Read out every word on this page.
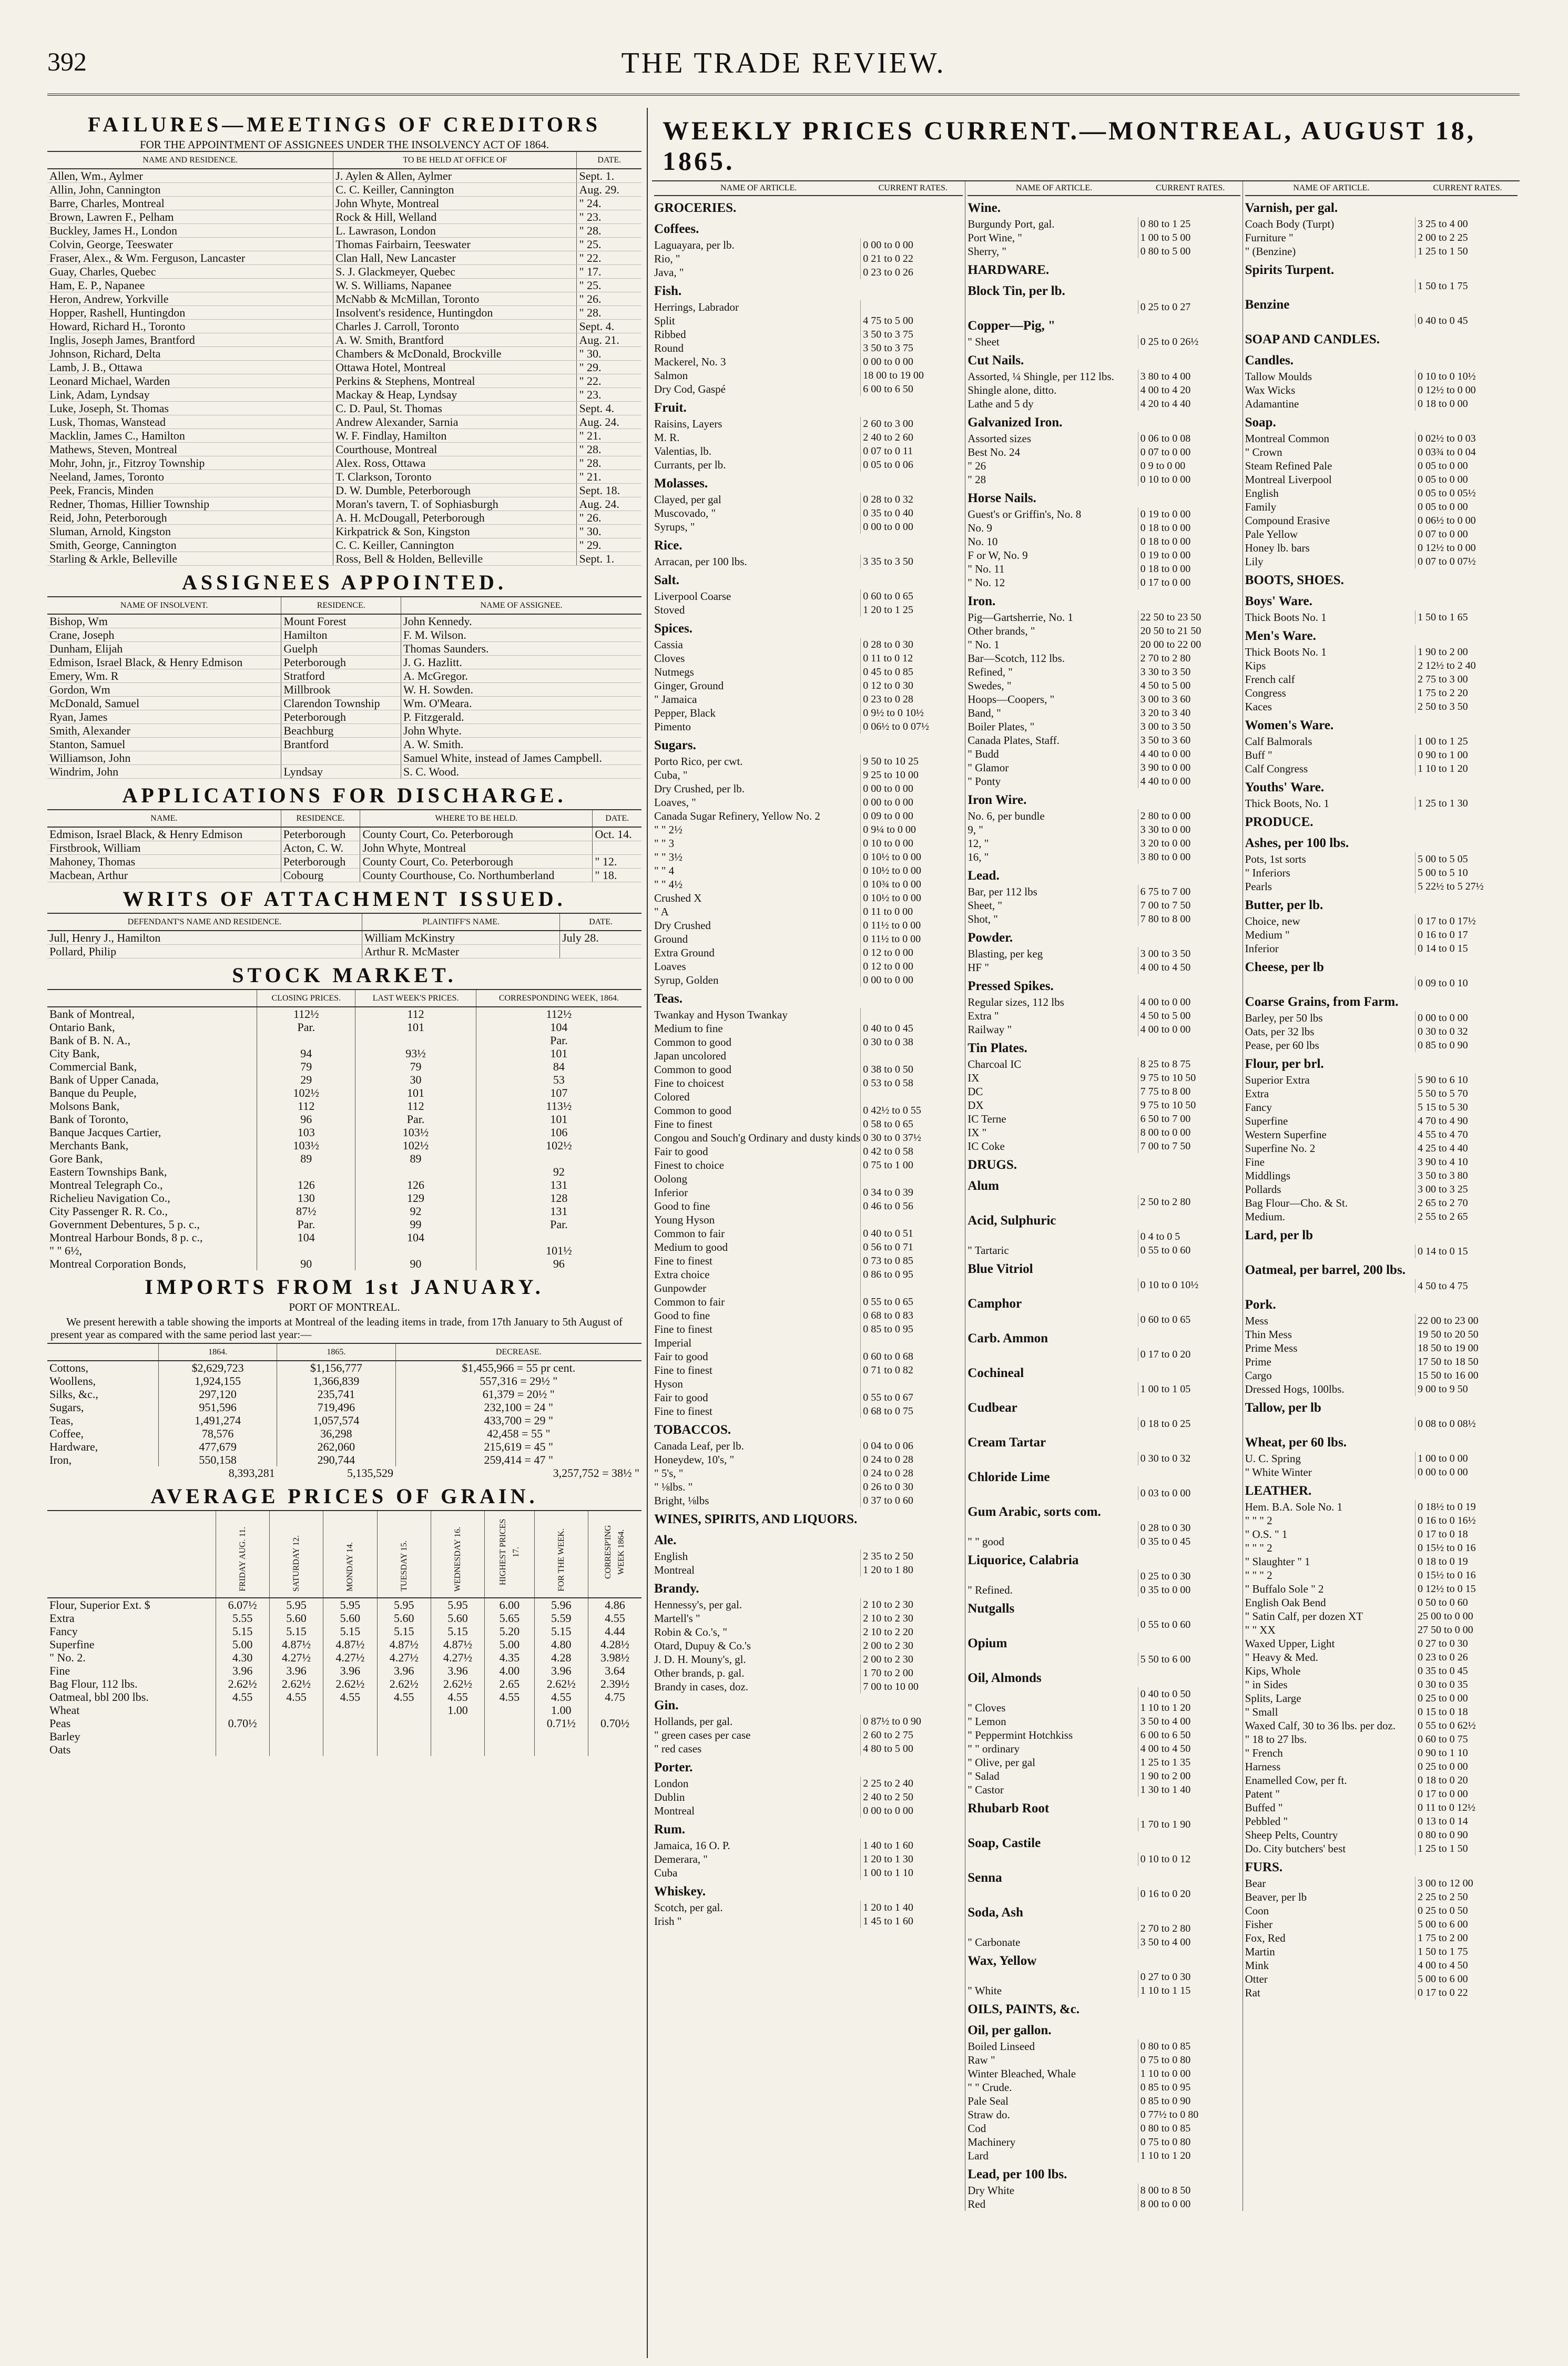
392	THE TRADE REVIEW.
FAILURES—MEETINGS OF CREDITORS

FOR THE APPOINTMENT OF ASSIGNEES UNDER THE INSOLVENCY ACT OF 1864.

NAME AND RESIDENCE.	TO BE HELD AT OFFICE OF	DATE.
Allen, Wm., Aylmer	J. Aylen & Allen, Aylmer	Sept. 1.
Allin, John, Cannington	C. C. Keiller, Cannington	Aug. 29.
Barre, Charles, Montreal	John Whyte, Montreal	" 24.
Brown, Lawren F., Pelham	Rock & Hill, Welland	" 23.
Buckley, James H., London	L. Lawrason, London	" 28.
Colvin, George, Teeswater	Thomas Fairbairn, Teeswater	" 25.
Fraser, Alex., & Wm. Ferguson, Lancaster	Clan Hall, New Lancaster	" 22.
Guay, Charles, Quebec	S. J. Glackmeyer, Quebec	" 17.
Ham, E. P., Napanee	W. S. Williams, Napanee	" 25.
Heron, Andrew, Yorkville	McNabb & McMillan, Toronto	" 26.
Hopper, Rashell, Huntingdon	Insolvent's residence, Huntingdon	" 28.
Howard, Richard H., Toronto	Charles J. Carroll, Toronto	Sept. 4.
Inglis, Joseph James, Brantford	A. W. Smith, Brantford	Aug. 21.
Johnson, Richard, Delta	Chambers & McDonald, Brockville	" 30.
Lamb, J. B., Ottawa	Ottawa Hotel, Montreal	" 29.
Leonard Michael, Warden	Perkins & Stephens, Montreal	" 22.
Link, Adam, Lyndsay	Mackay & Heap, Lyndsay	" 23.
Luke, Joseph, St. Thomas	C. D. Paul, St. Thomas	Sept. 4.
Lusk, Thomas, Wanstead	Andrew Alexander, Sarnia	Aug. 24.
Macklin, James C., Hamilton	W. F. Findlay, Hamilton	" 21.
Mathews, Steven, Montreal	Courthouse, Montreal	" 28.
Mohr, John, jr., Fitzroy Township	Alex. Ross, Ottawa	" 28.
Neeland, James, Toronto	T. Clarkson, Toronto	" 21.
Peek, Francis, Minden	D. W. Dumble, Peterborough	Sept. 18.
Redner, Thomas, Hillier Township	Moran's tavern, T. of Sophiasburgh	Aug. 24.
Reid, John, Peterborough	A. H. McDougall, Peterborough	" 26.
Sluman, Arnold, Kingston	Kirkpatrick & Son, Kingston	" 30.
Smith, George, Cannington	C. C. Keiller, Cannington	" 29.
Starling & Arkle, Belleville	Ross, Bell & Holden, Belleville	Sept. 1.
ASSIGNEES APPOINTED.
NAME OF INSOLVENT.	RESIDENCE.	NAME OF ASSIGNEE.
Bishop, Wm	Mount Forest	John Kennedy.
Crane, Joseph	Hamilton	F. M. Wilson.
Dunham, Elijah	Guelph	Thomas Saunders.
Edmison, Israel Black, & Henry Edmison	Peterborough	J. G. Hazlitt.
Emery, Wm. R	Stratford	A. McGregor.
Gordon, Wm	Millbrook	W. H. Sowden.
McDonald, Samuel	Clarendon Township	Wm. O'Meara.
Ryan, James	Peterborough	P. Fitzgerald.
Smith, Alexander	Beachburg	John Whyte.
Stanton, Samuel	Brantford	A. W. Smith.
Williamson, John		Samuel White, instead of James Campbell.
Windrim, John	Lyndsay	S. C. Wood.
APPLICATIONS FOR DISCHARGE.
NAME.	RESIDENCE.	WHERE TO BE HELD.	DATE.
Edmison, Israel Black, & Henry Edmison	Peterborough	County Court, Co. Peterborough	Oct. 14.
Firstbrook, William	Acton, C. W.	John Whyte, Montreal	
Mahoney, Thomas	Peterborough	County Court, Co. Peterborough	" 12.
Macbean, Arthur	Cobourg	County Courthouse, Co. Northumberland	" 18.
WRITS OF ATTACHMENT ISSUED.
DEFENDANT'S NAME AND RESIDENCE.	PLAINTIFF'S NAME.	DATE.
Jull, Henry J., Hamilton	William McKinstry	July 28.
Pollard, Philip	Arthur R. McMaster	
STOCK MARKET.
	CLOSING PRICES.	LAST WEEK'S PRICES.	CORRESPONDING WEEK, 1864.
Bank of Montreal,	112½	112	112½
Ontario Bank,	Par.	101	104
Bank of B. N. A.,			Par.
City Bank,	94	93½	101
Commercial Bank,	79	79	84
Bank of Upper Canada,	29	30	53
Banque du Peuple,	102½	101	107
Molsons Bank,	112	112	113½
Bank of Toronto,	96	Par.	101
Banque Jacques Cartier,	103	103½	106
Merchants Bank,	103½	102½	102½
Gore Bank,	89	89	
Eastern Townships Bank,			92
Montreal Telegraph Co.,	126	126	131
Richelieu Navigation Co.,	130	129	128
City Passenger R. R. Co.,	87½	92	131
Government Debentures, 5 p. c.,	Par.	99	Par.
Montreal Harbour Bonds, 8 p. c.,	104	104	
" " 6½,			101½
Montreal Corporation Bonds,	90	90	96
IMPORTS FROM 1st JANUARY.

PORT OF MONTREAL.

We present herewith a table showing the imports at Montreal of the leading items in trade, from 17th January to 5th August of present year as compared with the same period last year:—

	1864.	1865.	DECREASE.
Cottons,	$2,629,723	$1,156,777	$1,455,966 = 55 pr cent.
Woollens,	1,924,155	1,366,839	557,316 = 29½ "
Silks, &c.,	297,120	235,741	61,379 = 20½ "
Sugars,	951,596	719,496	232,100 = 24 "
Teas,	1,491,274	1,057,574	433,700 = 29 "
Coffee,	78,576	36,298	42,458 = 55 "
Hardware,	477,679	262,060	215,619 = 45 "
Iron,	550,158	290,744	259,414 = 47 "
	8,393,281	5,135,529	3,257,752 = 38½ "
AVERAGE PRICES OF GRAIN.
	FRIDAY AUG. 11.	SATURDAY 12.	MONDAY 14.	TUESDAY 15.	WEDNESDAY 16.	HIGHEST PRICES 17.	FOR THE WEEK.	CORRESP'ING WEEK 1864.
Flour, Superior Ext. $	6.07½	5.95	5.95	5.95	5.95	6.00	5.96	4.86
Extra	5.55	5.60	5.60	5.60	5.60	5.65	5.59	4.55
Fancy	5.15	5.15	5.15	5.15	5.15	5.20	5.15	4.44
Superfine	5.00	4.87½	4.87½	4.87½	4.87½	5.00	4.80	4.28½
" No. 2.	4.30	4.27½	4.27½	4.27½	4.27½	4.35	4.28	3.98½
Fine	3.96	3.96	3.96	3.96	3.96	4.00	3.96	3.64
Bag Flour, 112 lbs.	2.62½	2.62½	2.62½	2.62½	2.62½	2.65	2.62½	2.39½
Oatmeal, bbl 200 lbs.	4.55	4.55	4.55	4.55	4.55	4.55	4.55	4.75
Wheat					1.00		1.00	
Peas	0.70½						0.71½	0.70½
Barley								
Oats								
WEEKLY PRICES CURRENT.—MONTREAL, AUGUST 18, 1865.
NAME OF ARTICLE.	CURRENT RATES.
GROCERIES.
Coffees.
Laguayara, per lb.	0 00 to 0 00
Rio, "	0 21 to 0 22
Java, "	0 23 to 0 26
Fish.
Herrings, Labrador
Split	4 75 to 5 00
Ribbed	3 50 to 3 75
Round	3 50 to 3 75
Mackerel, No. 3	0 00 to 0 00
Salmon	18 00 to 19 00
Dry Cod, Gaspé	6 00 to 6 50
Fruit.
Raisins, Layers	2 60 to 3 00
M. R.	2 40 to 2 60
Valentias, lb.	0 07 to 0 11
Currants, per lb.	0 05 to 0 06
Molasses.
Clayed, per gal	0 28 to 0 32
Muscovado, "	0 35 to 0 40
Syrups, "	0 00 to 0 00
Rice.
Arracan, per 100 lbs.	3 35 to 3 50
Salt.
Liverpool Coarse	0 60 to 0 65
Stoved	1 20 to 1 25
Spices.
Cassia	0 28 to 0 30
Cloves	0 11 to 0 12
Nutmegs	0 45 to 0 85
Ginger, Ground	0 12 to 0 30
" Jamaica	0 23 to 0 28
Pepper, Black	0 9½ to 0 10½
Pimento	0 06½ to 0 07½
Sugars.
Porto Rico, per cwt.	9 50 to 10 25
Cuba, "	9 25 to 10 00
Dry Crushed, per lb.	0 00 to 0 00
Loaves, "	0 00 to 0 00
Canada Sugar Refinery, Yellow No. 2	0 09 to 0 00
" " 2½	0 9¼ to 0 00
" " 3	0 10 to 0 00
" " 3½	0 10½ to 0 00
" " 4	0 10½ to 0 00
" " 4½	0 10¾ to 0 00
Crushed X	0 10½ to 0 00
" A	0 11 to 0 00
Dry Crushed	0 11½ to 0 00
Ground	0 11½ to 0 00
Extra Ground	0 12 to 0 00
Loaves	0 12 to 0 00
Syrup, Golden	0 00 to 0 00
Teas.
Twankay and Hyson Twankay
Medium to fine	0 40 to 0 45
Common to good	0 30 to 0 38
Japan uncolored
Common to good	0 38 to 0 50
Fine to choicest	0 53 to 0 58
Colored
Common to good	0 42½ to 0 55
Fine to finest	0 58 to 0 65
Congou and Souch'g Ordinary and dusty kinds 0 30 to 0 37½
Fair to good	0 42 to 0 58
Finest to choice	0 75 to 1 00
Oolong
Inferior	0 34 to 0 39
Good to fine	0 46 to 0 56
Young Hyson
Common to fair	0 40 to 0 51
Medium to good	0 56 to 0 71
Fine to finest	0 73 to 0 85
Extra choice	0 86 to 0 95
Gunpowder
Common to fair	0 55 to 0 65
Good to fine	0 68 to 0 83
Fine to finest	0 85 to 0 95
Imperial
Fair to good	0 60 to 0 68
Fine to finest	0 71 to 0 82
Hyson
Fair to good	0 55 to 0 67
Fine to finest	0 68 to 0 75
TOBACCOS.
Canada Leaf, per lb.	0 04 to 0 06
Honeydew, 10's, "	0 24 to 0 28
" 5's, "	0 24 to 0 28
" ⅛lbs. "	0 26 to 0 30
Bright, ⅛lbs	0 37 to 0 60
WINES, SPIRITS, AND LIQUORS.
Ale.
English	2 35 to 2 50
Montreal	1 20 to 1 80
Brandy.
Hennessy's, per gal.	2 10 to 2 30
Martell's "	2 10 to 2 30
Robin & Co.'s, "	2 10 to 2 20
Otard, Dupuy & Co.'s	2 00 to 2 30
J. D. H. Mouny's, gl.	2 00 to 2 30
Other brands, p. gal.	1 70 to 2 00
Brandy in cases, doz.	7 00 to 10 00
Gin.
Hollands, per gal.	0 87½ to 0 90
" green cases per case	2 60 to 2 75
" red cases	4 80 to 5 00
Porter.
London	2 25 to 2 40
Dublin	2 40 to 2 50
Montreal	0 00 to 0 00
Rum.
Jamaica, 16 O. P.	1 40 to 1 60
Demerara, "	1 20 to 1 30
Cuba	1 00 to 1 10
Whiskey.
Scotch, per gal.	1 20 to 1 40
Irish "	1 45 to 1 60
NAME OF ARTICLE.	CURRENT RATES.
Wine.
Burgundy Port, gal.	0 80 to 1 25
Port Wine, "	1 00 to 5 00
Sherry, "	0 80 to 5 00
HARDWARE.
Block Tin, per lb.
0 25 to 0 27
Copper—Pig, "
" Sheet	0 25 to 0 26½
Cut Nails.
Assorted, ¼ Shingle, per 112 lbs.	3 80 to 4 00
Shingle alone, ditto.	4 00 to 4 20
Lathe and 5 dy	4 20 to 4 40
Galvanized Iron.
Assorted sizes	0 06 to 0 08
Best No. 24	0 07 to 0 00
" 26	0 9 to 0 00
" 28	0 10 to 0 00
Horse Nails.
Guest's or Griffin's, No. 8	0 19 to 0 00
No. 9	0 18 to 0 00
No. 10	0 18 to 0 00
F or W, No. 9	0 19 to 0 00
" No. 11	0 18 to 0 00
" No. 12	0 17 to 0 00
Iron.
Pig—Gartsherrie, No. 1	22 50 to 23 50
Other brands, "	20 50 to 21 50
" No. 1	20 00 to 22 00
Bar—Scotch, 112 lbs.	2 70 to 2 80
Refined, "	3 30 to 3 50
Swedes, "	4 50 to 5 00
Hoops—Coopers, "	3 00 to 3 60
Band, "	3 20 to 3 40
Boiler Plates, "	3 00 to 3 50
Canada Plates, Staff.	3 50 to 3 60
" Budd	4 40 to 0 00
" Glamor	3 90 to 0 00
" Ponty	4 40 to 0 00
Iron Wire.
No. 6, per bundle	2 80 to 0 00
9, "	3 30 to 0 00
12, "	3 20 to 0 00
16, "	3 80 to 0 00
Lead.
Bar, per 112 lbs	6 75 to 7 00
Sheet, "	7 00 to 7 50
Shot, "	7 80 to 8 00
Powder.
Blasting, per keg	3 00 to 3 50
HF "	4 00 to 4 50
Pressed Spikes.
Regular sizes, 112 lbs	4 00 to 0 00
Extra "	4 50 to 5 00
Railway "	4 00 to 0 00
Tin Plates.
Charcoal IC	8 25 to 8 75
IX	9 75 to 10 50
DC	7 75 to 8 00
DX	9 75 to 10 50
IC Terne	6 50 to 7 00
IX "	8 00 to 0 00
IC Coke	7 00 to 7 50
DRUGS.
Alum
2 50 to 2 80
Acid, Sulphuric
0 4 to 0 5
" Tartaric	0 55 to 0 60
Blue Vitriol
0 10 to 0 10½
Camphor
0 60 to 0 65
Carb. Ammon
0 17 to 0 20
Cochineal
1 00 to 1 05
Cudbear
0 18 to 0 25
Cream Tartar
0 30 to 0 32
Chloride Lime
0 03 to 0 00
Gum Arabic, sorts com.
0 28 to 0 30
" " good	0 35 to 0 45
Liquorice, Calabria
0 25 to 0 30
" Refined.	0 35 to 0 00
Nutgalls
0 55 to 0 60
Opium
5 50 to 6 00
Oil, Almonds
0 40 to 0 50
" Cloves	1 10 to 1 20
" Lemon	3 50 to 4 00
" Peppermint Hotchkiss	6 00 to 6 50
" " ordinary	4 00 to 4 50
" Olive, per gal	1 25 to 1 35
" Salad	1 90 to 2 00
" Castor	1 30 to 1 40
Rhubarb Root
1 70 to 1 90
Soap, Castile
0 10 to 0 12
Senna
0 16 to 0 20
Soda, Ash
2 70 to 2 80
" Carbonate	3 50 to 4 00
Wax, Yellow
0 27 to 0 30
" White	1 10 to 1 15
OILS, PAINTS, &c.
Oil, per gallon.
Boiled Linseed	0 80 to 0 85
Raw "	0 75 to 0 80
Winter Bleached, Whale	1 10 to 0 00
" " Crude.	0 85 to 0 95
Pale Seal	0 85 to 0 90
Straw do.	0 77½ to 0 80
Cod	0 80 to 0 85
Machinery	0 75 to 0 80
Lard	1 10 to 1 20
Lead, per 100 lbs.
Dry White	8 00 to 8 50
Red	8 00 to 0 00
NAME OF ARTICLE.	CURRENT RATES.
Varnish, per gal.
Coach Body (Turpt)	3 25 to 4 00
Furniture "	2 00 to 2 25
" (Benzine)	1 25 to 1 50
Spirits Turpent.
1 50 to 1 75
Benzine
0 40 to 0 45
SOAP AND CANDLES.
Candles.
Tallow Moulds	0 10 to 0 10½
Wax Wicks	0 12½ to 0 00
Adamantine	0 18 to 0 00
Soap.
Montreal Common	0 02½ to 0 03
" Crown	0 03¾ to 0 04
Steam Refined Pale	0 05 to 0 00
Montreal Liverpool	0 05 to 0 00
English	0 05 to 0 05½
Family	0 05 to 0 00
Compound Erasive	0 06½ to 0 00
Pale Yellow	0 07 to 0 00
Honey lb. bars	0 12½ to 0 00
Lily	0 07 to 0 07½
BOOTS, SHOES.
Boys' Ware.
Thick Boots No. 1	1 50 to 1 65
Men's Ware.
Thick Boots No. 1	1 90 to 2 00
Kips	2 12½ to 2 40
French calf	2 75 to 3 00
Congress	1 75 to 2 20
Kaces	2 50 to 3 50
Women's Ware.
Calf Balmorals	1 00 to 1 25
Buff "	0 90 to 1 00
Calf Congress	1 10 to 1 20
Youths' Ware.
Thick Boots, No. 1	1 25 to 1 30
PRODUCE.
Ashes, per 100 lbs.
Pots, 1st sorts	5 00 to 5 05
" Inferiors	5 00 to 5 10
Pearls	5 22½ to 5 27½
Butter, per lb.
Choice, new	0 17 to 0 17½
Medium "	0 16 to 0 17
Inferior	0 14 to 0 15
Cheese, per lb
0 09 to 0 10
Coarse Grains, from Farm.
Barley, per 50 lbs	0 00 to 0 00
Oats, per 32 lbs	0 30 to 0 32
Pease, per 60 lbs	0 85 to 0 90
Flour, per brl.
Superior Extra	5 90 to 6 10
Extra	5 50 to 5 70
Fancy	5 15 to 5 30
Superfine	4 70 to 4 90
Western Superfine	4 55 to 4 70
Superfine No. 2	4 25 to 4 40
Fine	3 90 to 4 10
Middlings	3 50 to 3 80
Pollards	3 00 to 3 25
Bag Flour—Cho. & St.	2 65 to 2 70
Medium.	2 55 to 2 65
Lard, per lb
0 14 to 0 15
Oatmeal, per barrel, 200 lbs.
4 50 to 4 75
Pork.
Mess	22 00 to 23 00
Thin Mess	19 50 to 20 50
Prime Mess	18 50 to 19 00
Prime	17 50 to 18 50
Cargo	15 50 to 16 00
Dressed Hogs, 100lbs.	9 00 to 9 50
Tallow, per lb
0 08 to 0 08½
Wheat, per 60 lbs.
U. C. Spring	1 00 to 0 00
" White Winter	0 00 to 0 00
LEATHER.
Hem. B.A. Sole No. 1	0 18½ to 0 19
" " " 2	0 16 to 0 16½
" O.S. " 1	0 17 to 0 18
" " " 2	0 15½ to 0 16
" Slaughter " 1	0 18 to 0 19
" " " 2	0 15½ to 0 16
" Buffalo Sole " 2	0 12½ to 0 15
English Oak Bend	0 50 to 0 60
" Satin Calf, per dozen XT	25 00 to 0 00
" " XX	27 50 to 0 00
Waxed Upper, Light	0 27 to 0 30
" Heavy & Med.	0 23 to 0 26
Kips, Whole	0 35 to 0 45
" in Sides	0 30 to 0 35
Splits, Large	0 25 to 0 00
" Small	0 15 to 0 18
Waxed Calf, 30 to 36 lbs. per doz.	0 55 to 0 62½
" 18 to 27 lbs.	0 60 to 0 75
" French	0 90 to 1 10
Harness	0 25 to 0 00
Enamelled Cow, per ft.	0 18 to 0 20
Patent "	0 17 to 0 00
Buffed "	0 11 to 0 12½
Pebbled "	0 13 to 0 14
Sheep Pelts, Country	0 80 to 0 90
Do. City butchers' best	1 25 to 1 50
FURS.
Bear	3 00 to 12 00
Beaver, per lb	2 25 to 2 50
Coon	0 25 to 0 50
Fisher	5 00 to 6 00
Fox, Red	1 75 to 2 00
Martin	1 50 to 1 75
Mink	4 00 to 4 50
Otter	5 00 to 6 00
Rat	0 17 to 0 22
